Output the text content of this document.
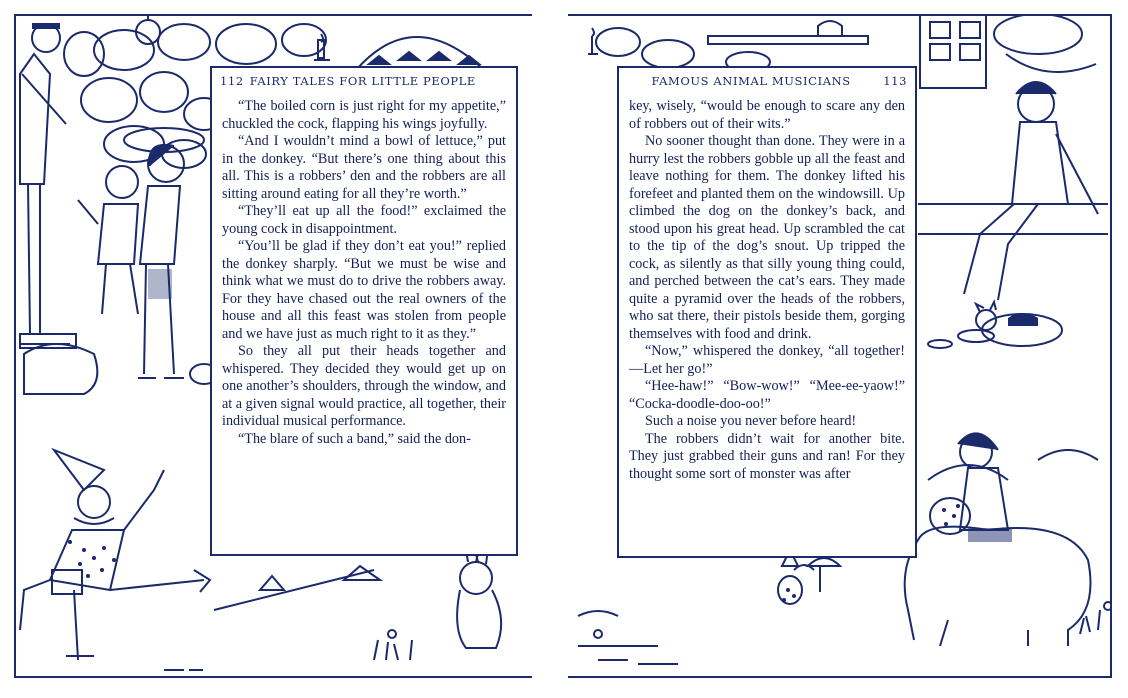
112 FAIRY TALES FOR LITTLE PEOPLE

“The boiled corn is just right for my appetite,” chuckled the cock, flapping his wings joyfully.

“And I wouldn’t mind a bowl of lettuce,” put in the donkey. “But there’s one thing about this all. This is a robbers’ den and the robbers are all sitting around eating for all they’re worth.”

“They’ll eat up all the food!” exclaimed the young cock in disappointment.

“You’ll be glad if they don’t eat you!” replied the donkey sharply. “But we must be wise and think what we must do to drive the robbers away. For they have chased out the real owners of the house and all this feast was stolen from people and we have just as much right to it as they.”

So they all put their heads together and whispered. They decided they would get up on one another’s shoulders, through the window, and at a given signal would practice, all together, their individual musical performance.

“The blare of such a band,” said the don-

FAMOUS ANIMAL MUSICIANS	113

key, wisely, “would be enough to scare any den of robbers out of their wits.”

No sooner thought than done. They were in a hurry lest the robbers gobble up all the feast and leave nothing for them. The donkey lifted his forefeet and planted them on the windowsill. Up climbed the dog on the donkey’s back, and stood upon his great head. Up scrambled the cat to the tip of the dog’s snout. Up tripped the cock, as silently as that silly young thing could, and perched between the cat’s ears. They made quite a pyramid over the heads of the robbers, who sat there, their pistols beside them, gorging themselves with food and drink.

“Now,” whispered the donkey, “all together!—Let her go!”

“Hee-haw!” “Bow-wow!” “Mee-ee-yaow!” “Cocka-doodle-doo-oo!”

Such a noise you never before heard!

The robbers didn’t wait for another bite. They just grabbed their guns and ran! For they thought some sort of monster was after
